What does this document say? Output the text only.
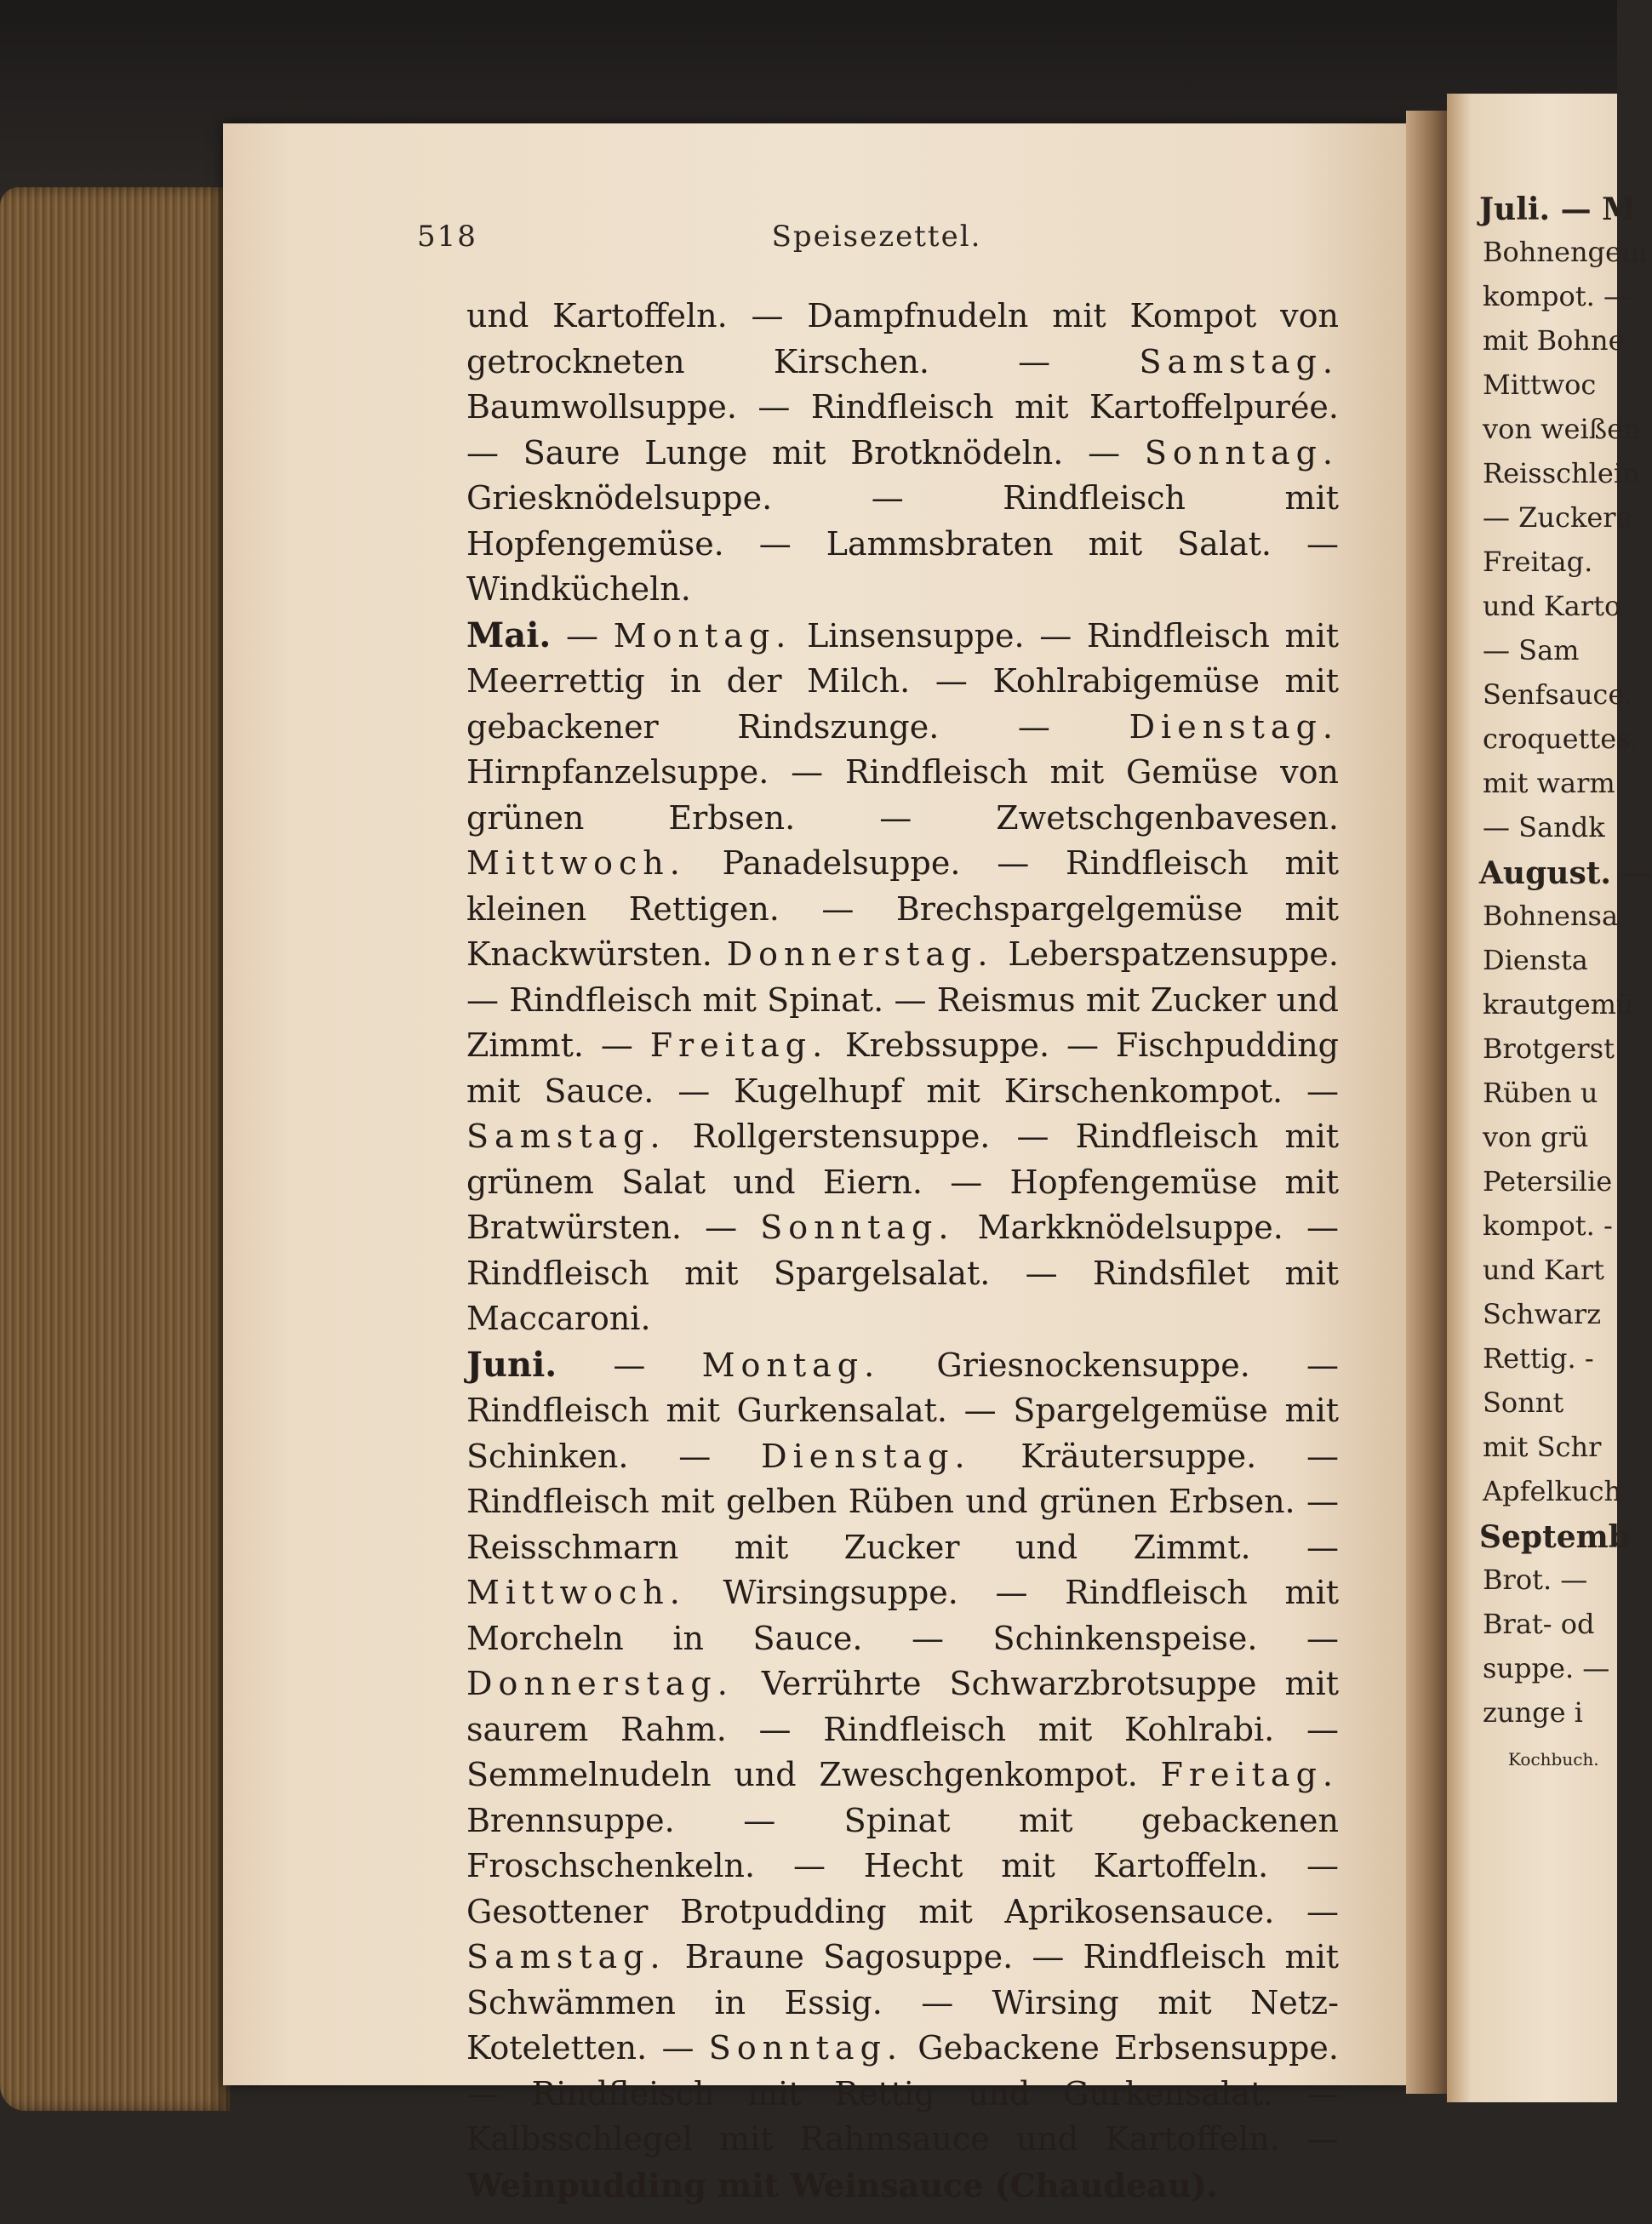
518	Speisezettel.

und Kartoffeln. — Dampfnudeln mit Kompot von getrockneten Kirschen. — Samstag. Baumwollsuppe. — Rindfleisch mit Kartoffelpurée. — Saure Lunge mit Brotknödeln. — Sonntag. Griesknödelsuppe. — Rindfleisch mit Hopfengemüse. — Lammsbraten mit Salat. — Windkücheln.

Mai. — Montag. Linsensuppe. — Rindfleisch mit Meerrettig in der Milch. — Kohlrabigemüse mit gebackener Rindszunge. — Dienstag. Hirnpfanzelsuppe. — Rindfleisch mit Gemüse von grünen Erbsen. — Zwetschgenbavesen. Mittwoch. Panadelsuppe. — Rindfleisch mit kleinen Rettigen. — Brechspargelgemüse mit Knackwürsten. Donnerstag. Leberspatzensuppe. — Rindfleisch mit Spinat. — Reismus mit Zucker und Zimmt. — Freitag. Krebssuppe. — Fischpudding mit Sauce. — Kugelhupf mit Kirschenkompot. — Samstag. Rollgerstensuppe. — Rindfleisch mit grünem Salat und Eiern. — Hopfengemüse mit Bratwürsten. — Sonntag. Markknödelsuppe. — Rindfleisch mit Spargelsalat. — Rindsfilet mit Maccaroni.

Juni. — Montag. Griesnockensuppe. — Rindfleisch mit Gurkensalat. — Spargelgemüse mit Schinken. — Dienstag. Kräutersuppe. — Rindfleisch mit gelben Rüben und grünen Erbsen. — Reisschmarn mit Zucker und Zimmt. — Mittwoch. Wirsingsuppe. — Rindfleisch mit Morcheln in Sauce. — Schinkenspeise. — Donnerstag. Verrührte Schwarzbrotsuppe mit saurem Rahm. — Rindfleisch mit Kohlrabi. — Semmelnudeln und Zweschgenkompot. Freitag. Brennsuppe. — Spinat mit gebackenen Froschschenkeln. — Hecht mit Kartoffeln. — Gesottener Brotpudding mit Aprikosensauce. — Samstag. Braune Sagosuppe. — Rindfleisch mit Schwämmen in Essig. — Wirsing mit Netz-Koteletten. — Sonntag. Gebackene Erbsensuppe. — Rindfleisch mit Rettig und Gurkensalat. — Kalbsschlegel mit Rahmsauce und Kartoffeln. — Weinpudding mit Weinsauce (Chaudeau).

Juli. — M
Bohnengem
kompot. —
mit Bohne
Mittwoc
von weißen
Reisschlein
— Zuckere
Freitag.
und Karto
— Sam
Senfsauce.
croquettes.
mit warm
— Sandk
August. —
Bohnensa
Diensta
krautgemü
Brotgerst
Rüben u
von grü
Petersilie
kompot. -
und Kart
Schwarz
Rettig. -
Sonnt
mit Schr
Apfelkuch
Septemb
Brot. —
Brat- od
suppe. —
zunge i
Kochbuch.
